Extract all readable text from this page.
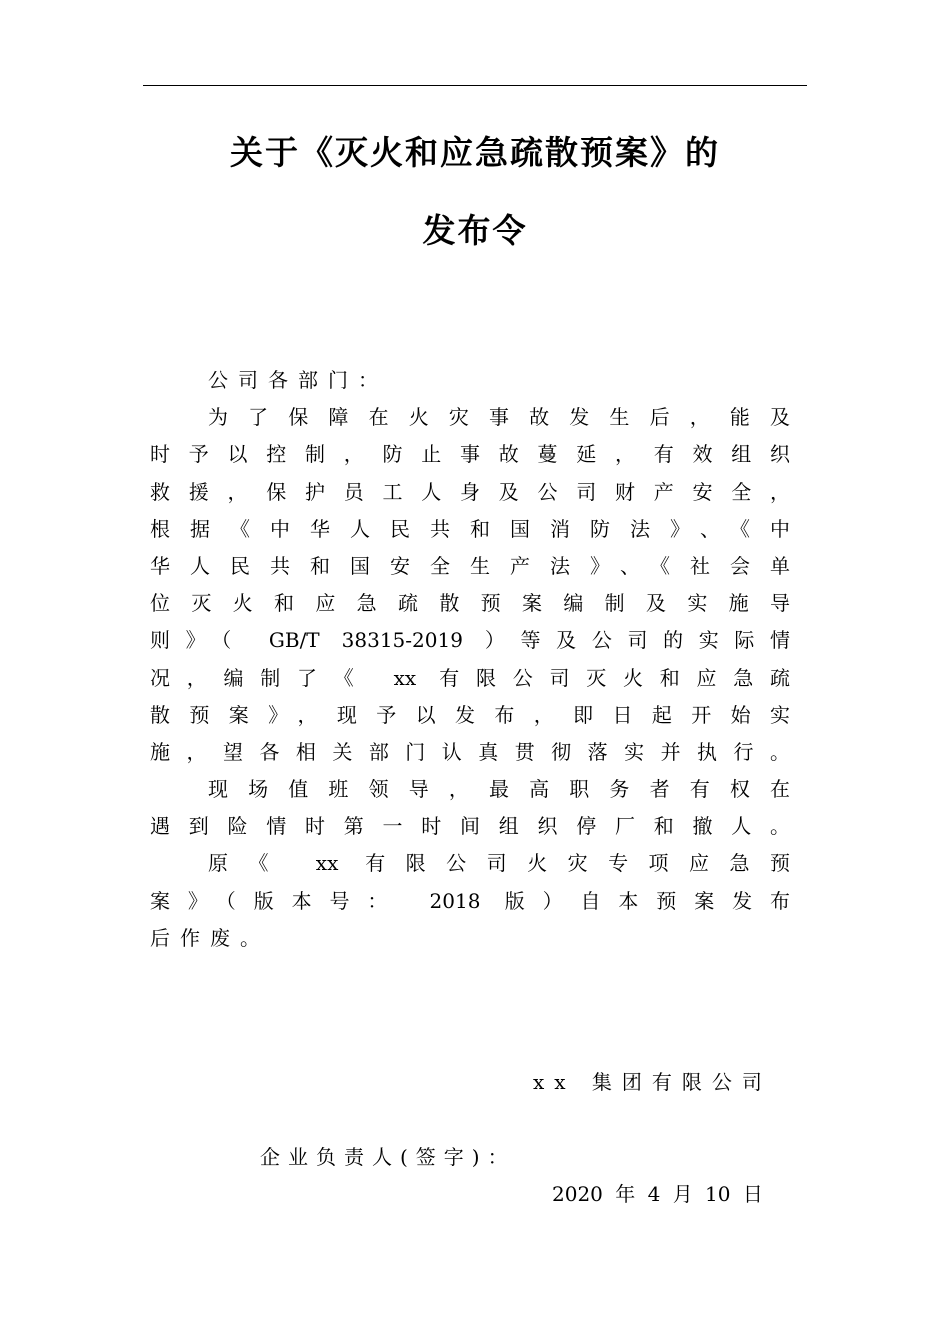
关于《灭火和应急疏散预案》的
发布令
公司各部门：
为了保障在火灾事故发生后，能及
时予以控制，防止事故蔓延，有效组织
救援，保护员工人身及公司财产安全，
根据《中华人民共和国消防法》、《中
华人民共和国安全生产法》、《社会单
位灭火和应急疏散预案编制及实施导
则》（ GB/T 38315-2019 ）等及公司的实际情
况，编制了《 xx 有限公司灭火和应急疏
散预案》，现予以发布，即日起开始实
施，望各相关部门认真贯彻落实并执行。
现场值班领导，最高职务者有权在
遇到险情时第一时间组织停厂和撤人。
原《 xx 有限公司火灾专项应急预
案》（版本号： 2018 版）自本预案发布
后作废。
xx 集团有限公司
企业负责人(签字)：
2020 年 4 月 10 日
